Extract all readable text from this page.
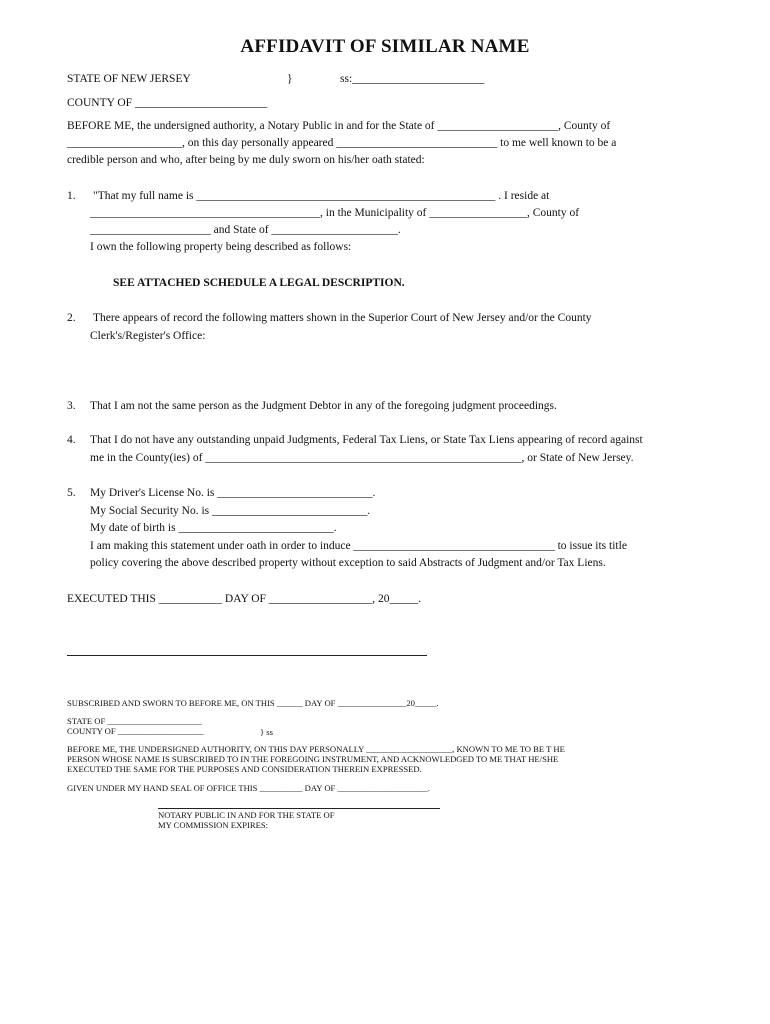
AFFIDAVIT OF SIMILAR NAME
STATE OF NEW JERSEY	}	ss:_______________________
COUNTY OF _______________________
BEFORE ME, the undersigned authority, a Notary Public in and for the State of _____________________, County of
____________________, on this day personally appeared ____________________________ to me well known to be a
credible person and who, after being by me duly sworn on his/her oath stated:
1. "That my full name is ____________________________________________________ . I reside at
________________________________________, in the Municipality of _________________, County of
_____________________ and State of ______________________.
I own the following property being described as follows:
SEE ATTACHED SCHEDULE A LEGAL DESCRIPTION.
2. There appears of record the following matters shown in the Superior Court of New Jersey and/or the County
Clerk's/Register's Office:
3. That I am not the same person as the Judgment Debtor in any of the foregoing judgment proceedings.
4. That I do not have any outstanding unpaid Judgments, Federal Tax Liens, or State Tax Liens appearing of record against
me in the County(ies) of _______________________________________________________, or State of New Jersey.
5. My Driver's License No. is ___________________________.
My Social Security No. is ___________________________.
My date of birth is ___________________________.
I am making this statement under oath in order to induce ___________________________________ to issue its title
policy covering the above described property without exception to said Abstracts of Judgment and/or Tax Liens.
EXECUTED THIS ___________ DAY OF __________________, 20_____.
SUBSCRIBED AND SWORN TO BEFORE ME, ON THIS ______ DAY OF ________________20_____.
STATE OF ______________________
COUNTY OF ____________________	} ss
BEFORE ME, THE UNDERSIGNED AUTHORITY, ON THIS DAY PERSONALLY ____________________, KNOWN TO ME TO BE T HE
PERSON WHOSE NAME IS SUBSCRIBED TO IN THE FOREGOING INSTRUMENT, AND ACKNOWLEDGED TO ME THAT HE/SHE
EXECUTED THE SAME FOR THE PURPOSES AND CONSIDERATION THEREIN EXPRESSED.
GIVEN UNDER MY HAND SEAL OF OFFICE THIS __________ DAY OF _____________________.
NOTARY PUBLIC IN AND FOR THE STATE OF
MY COMMISSION EXPIRES:
